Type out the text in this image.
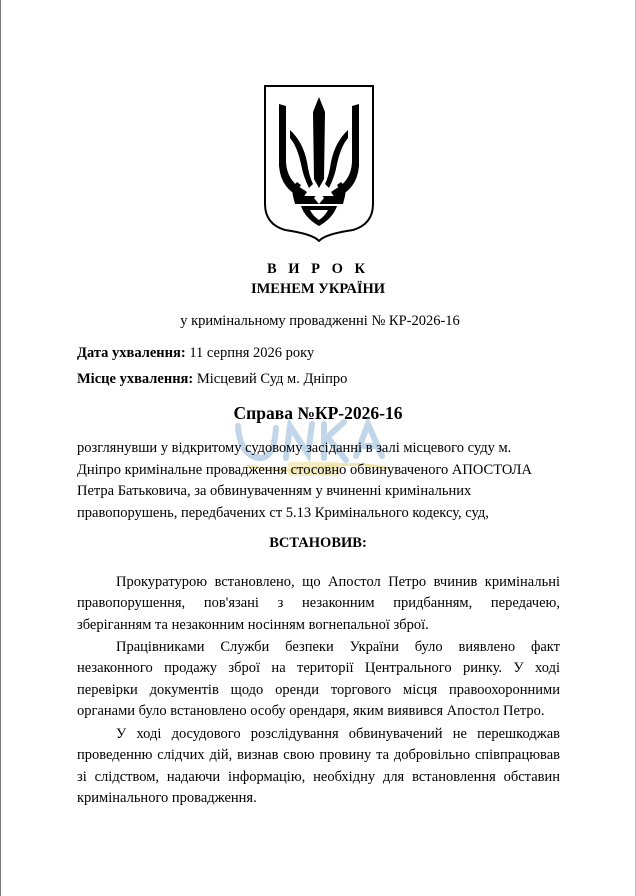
В И Р О К
ІМЕНЕМ УКРАЇНИ
у кримінальному провадженні № КР-2026-16
Дата ухвалення: 11 серпня 2026 року
Місце ухвалення: Місцевий Суд м. Дніпро
Справа №КР-2026-16
розглянувши у відкритому судовому засіданні в залі місцевого суду м.
Дніпро кримінальне провадження стосовно обвинуваченого АПОСТОЛА
Петра Батьковича, за обвинуваченням у вчиненні кримінальних
правопорушень, передбачених ст 5.13 Кримінального кодексу, суд,
ВСТАНОВИВ:

Прокуратурою встановлено, що Апостол Петро вчинив кримінальні правопорушення, пов'язані з незаконним придбанням, передачею, зберіганням та незаконним носінням вогнепальної зброї.

Працівниками Служби безпеки України було виявлено факт незаконного продажу зброї на території Центрального ринку. У ході перевірки документів щодо оренди торгового місця правоохоронними органами було встановлено особу орендаря, яким виявився Апостол Петро.

У ході досудового розслідування обвинувачений не перешкоджав проведенню слідчих дій, визнав свою провину та добровільно співпрацював зі слідством, надаючи інформацію, необхідну для встановлення обставин кримінального провадження.
